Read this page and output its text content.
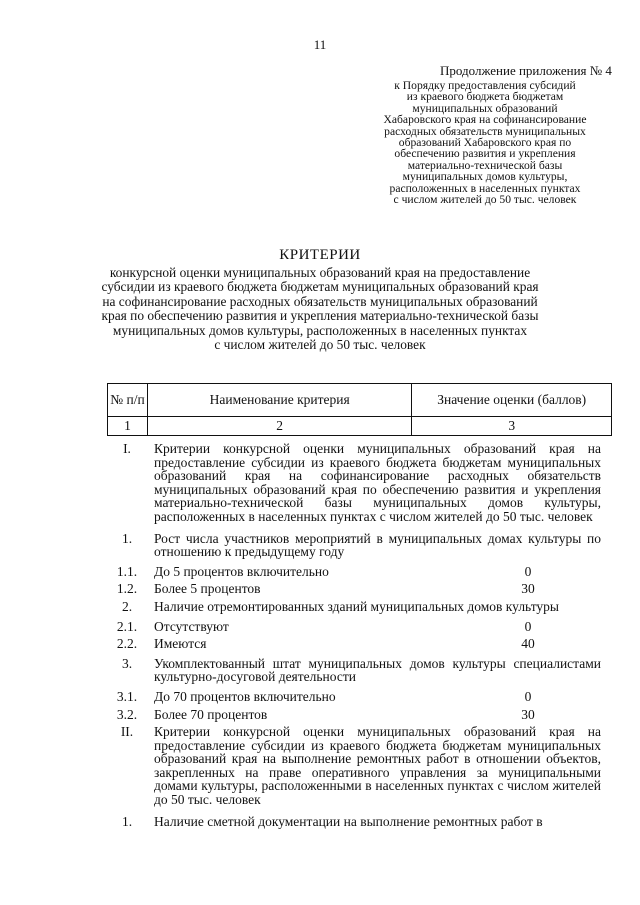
11
Продолжение приложения № 4
к Порядку предоставления субсидий
из краевого бюджета бюджетам
муниципальных образований
Хабаровского края на софинансирование
расходных обязательств муниципальных
образований Хабаровского края по
обеспечению развития и укрепления
материально-технической базы
муниципальных домов культуры,
расположенных в населенных пунктах
с числом жителей до 50 тыс. человек
КРИТЕРИИ
конкурсной оценки муниципальных образований края на предоставление
субсидии из краевого бюджета бюджетам муниципальных образований края
на софинансирование расходных обязательств муниципальных образований
края по обеспечению развития и укрепления материально-технической базы
муниципальных домов культуры, расположенных в населенных пунктах
с числом жителей до 50 тыс. человек
№ п/п	Наименование критерия	Значение оценки (баллов)
1	2	3
I.	Критерии конкурсной оценки муниципальных образований края на предоставление субсидии из краевого бюджета бюджетам муниципальных образований края на софинансирование расходных обязательств муниципальных образований края по обеспечению развития и укрепления материально-технической базы муниципальных домов культуры, расположенных в населенных пунктах с числом жителей до 50 тыс. человек
1.	Рост числа участников мероприятий в муниципальных домах культуры по отношению к предыдущему году
1.1.	До 5 процентов включительно	0
1.2.	Более 5 процентов	30
2.	Наличие отремонтированных зданий муниципальных домов культуры
2.1.	Отсутствуют	0
2.2.	Имеются	40
3.	Укомплектованный штат муниципальных домов культуры специалистами культурно-досуговой деятельности
3.1.	До 70 процентов включительно	0
3.2.	Более 70 процентов	30
II.	Критерии конкурсной оценки муниципальных образований края на предоставление субсидии из краевого бюджета бюджетам муниципальных образований края на выполнение ремонтных работ в отношении объектов, закрепленных на праве оперативного управления за муниципальными домами культуры, расположенными в населенных пунктах с числом жителей до 50 тыс. человек
1.	Наличие сметной документации на выполнение ремонтных работ в
